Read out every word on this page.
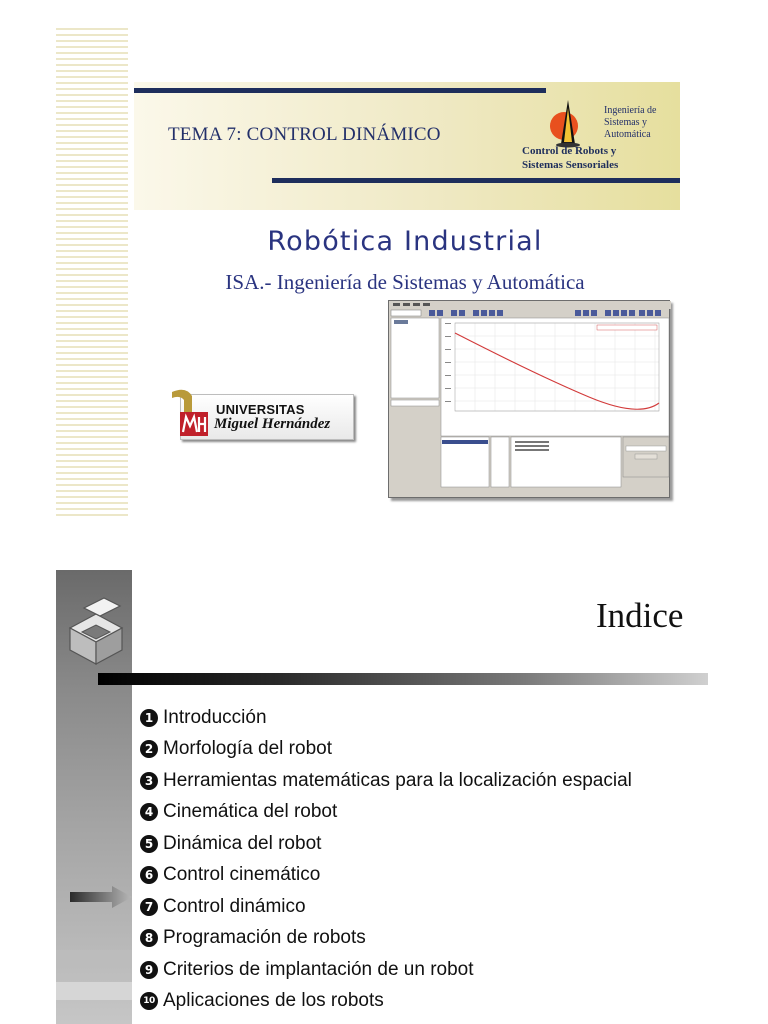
TEMA 7: CONTROL DINÁMICO
Ingeniería de
Sistemas y
Automática
Control de Robots y
Sistemas Sensoriales
Robótica Industrial
ISA.- Ingeniería de Sistemas y Automática
UNIVERSITAS
Miguel Hernández
Indice
1 Introducción
2 Morfología del robot
3 Herramientas matemáticas para la localización espacial
4 Cinemática del robot
5 Dinámica del robot
6 Control cinemático
7 Control dinámico
8 Programación de robots
9 Criterios de implantación de un robot
10 Aplicaciones de los robots
